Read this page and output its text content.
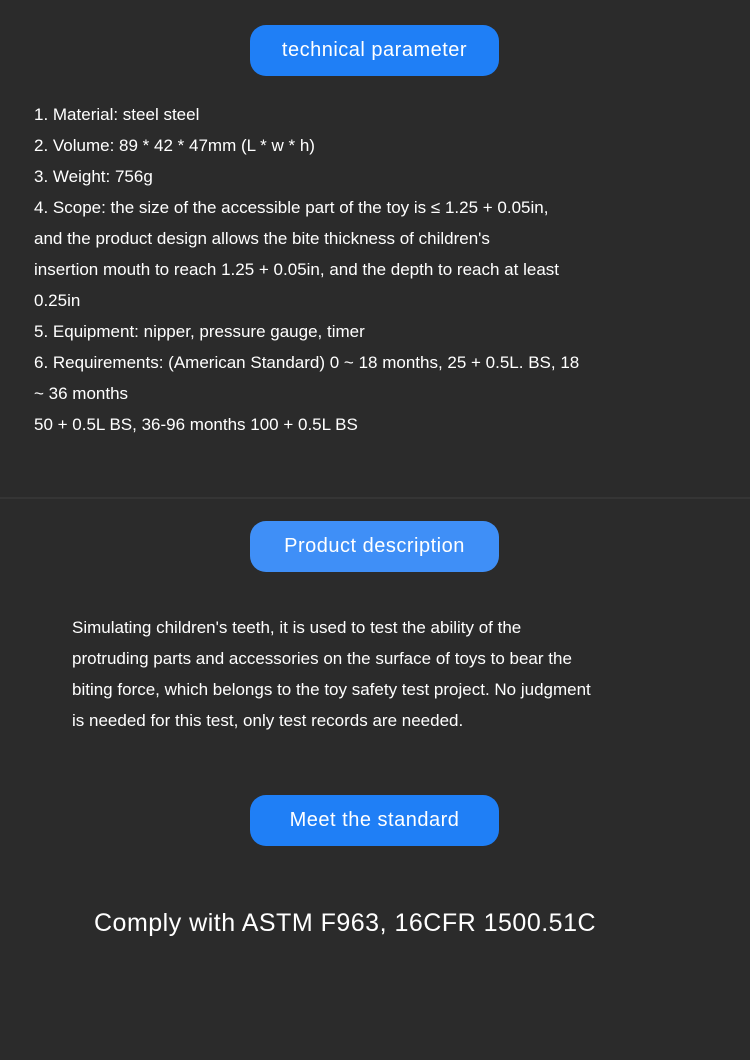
technical parameter
1. Material: steel steel
2. Volume: 89 * 42 * 47mm (L * w * h)
3. Weight: 756g
4. Scope: the size of the accessible part of the toy is ≤ 1.25 + 0.05in,
and the product design allows the bite thickness of children's
insertion mouth to reach 1.25 + 0.05in, and the depth to reach at least
0.25in
5. Equipment: nipper, pressure gauge, timer
6. Requirements: (American Standard) 0 ~ 18 months, 25 + 0.5L. BS, 18
~ 36 months
50 + 0.5L BS, 36-96 months 100 + 0.5L BS
Product description
Simulating children's teeth, it is used to test the ability of the
protruding parts and accessories on the surface of toys to bear the
biting force, which belongs to the toy safety test project. No judgment
is needed for this test, only test records are needed.
Meet the standard
Comply with ASTM F963, 16CFR 1500.51C
